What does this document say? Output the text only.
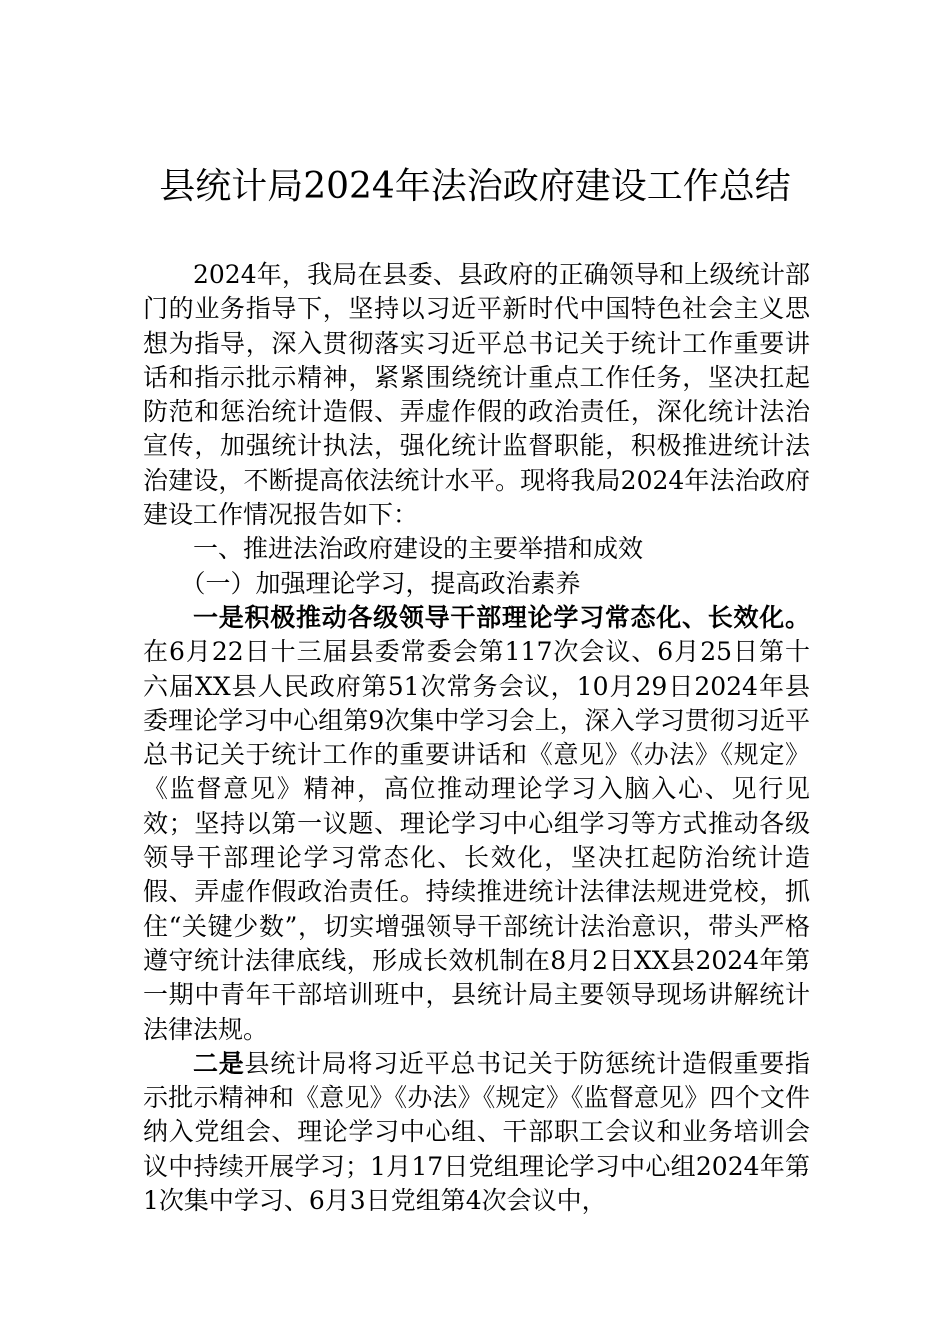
县统计局2024年法治政府建设工作总结

2024年，我局在县委、县政府的正确领导和上级统计部门的业务指导下，坚持以习近平新时代中国特色社会主义思想为指导，深入贯彻落实习近平总书记关于统计工作重要讲话和指示批示精神，紧紧围绕统计重点工作任务，坚决扛起防范和惩治统计造假、弄虚作假的政治责任，深化统计法治宣传，加强统计执法，强化统计监督职能，积极推进统计法治建设，不断提高依法统计水平。现将我局2024年法治政府建设工作情况报告如下：

一、推进法治政府建设的主要举措和成效

（一）加强理论学习，提高政治素养

一是积极推动各级领导干部理论学习常态化、长效化。在6月22日十三届县委常委会第117次会议、6月25日第十六届XX县人民政府第51次常务会议，10月29日2024年县委理论学习中心组第9次集中学习会上，深入学习贯彻习近平总书记关于统计工作的重要讲话和《意见》《办法》《规定》《监督意见》精神，高位推动理论学习入脑入心、见行见效；坚持以第一议题、理论学习中心组学习等方式推动各级领导干部理论学习常态化、长效化，坚决扛起防治统计造假、弄虚作假政治责任。持续推进统计法律法规进党校，抓住“关键少数”，切实增强领导干部统计法治意识，带头严格遵守统计法律底线，形成长效机制在8月2日XX县2024年第一期中青年干部培训班中，县统计局主要领导现场讲解统计法律法规。

二是县统计局将习近平总书记关于防惩统计造假重要指示批示精神和《意见》《办法》《规定》《监督意见》四个文件纳入党组会、理论学习中心组、干部职工会议和业务培训会议中持续开展学习；1月17日党组理论学习中心组2024年第1次集中学习、6月3日党组第4次会议中，
